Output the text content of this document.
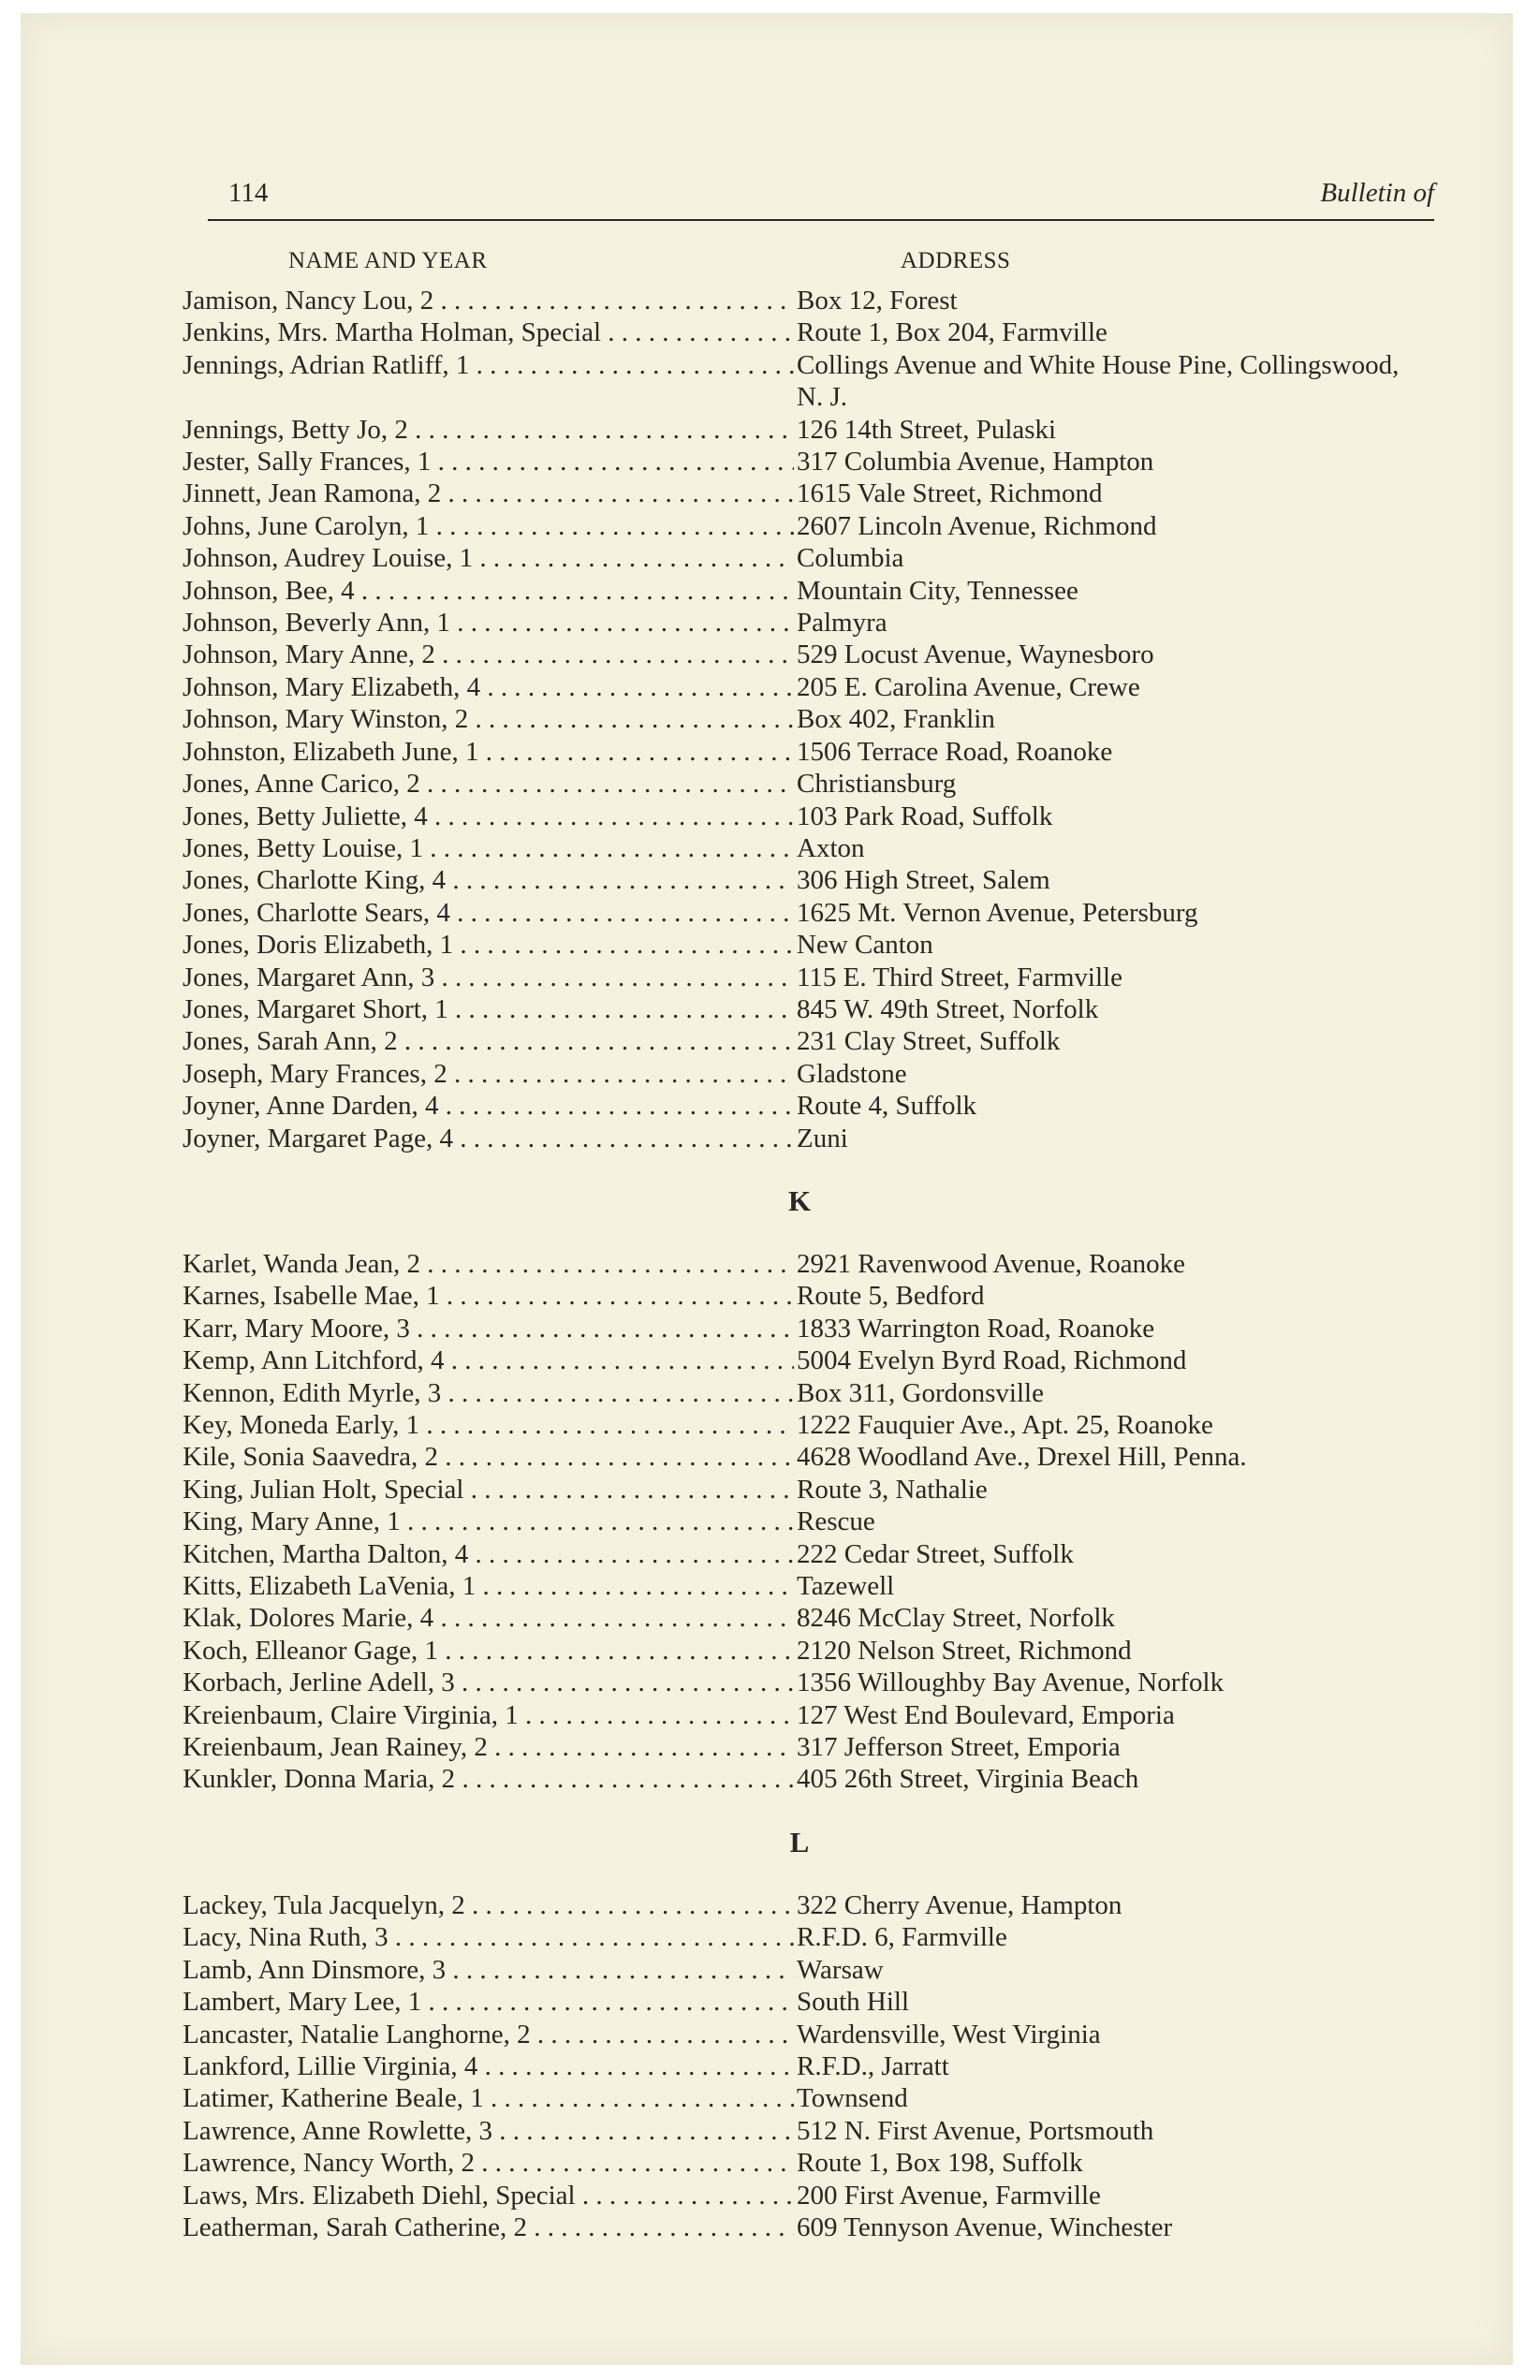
114	Bulletin of
NAME AND YEAR	ADDRESS
Jamison, Nancy Lou, 2 . . .	Box 12, Forest
Jenkins, Mrs. Martha Holman, Special . . .	Route 1, Box 204, Farmville
Jennings, Adrian Ratliff, 1 . . .	Collings Avenue and White House Pine, Collingswood, N. J.
Jennings, Betty Jo, 2 . . .	126 14th Street, Pulaski
Jester, Sally Frances, 1 . . .	317 Columbia Avenue, Hampton
Jinnett, Jean Ramona, 2 . . .	1615 Vale Street, Richmond
Johns, June Carolyn, 1 . . .	2607 Lincoln Avenue, Richmond
Johnson, Audrey Louise, 1 . . .	Columbia
Johnson, Bee, 4 . . .	Mountain City, Tennessee
Johnson, Beverly Ann, 1 . . .	Palmyra
Johnson, Mary Anne, 2 . . .	529 Locust Avenue, Waynesboro
Johnson, Mary Elizabeth, 4 . . .	205 E. Carolina Avenue, Crewe
Johnson, Mary Winston, 2 . . .	Box 402, Franklin
Johnston, Elizabeth June, 1 . . .	1506 Terrace Road, Roanoke
Jones, Anne Carico, 2 . . .	Christiansburg
Jones, Betty Juliette, 4 . . .	103 Park Road, Suffolk
Jones, Betty Louise, 1 . . .	Axton
Jones, Charlotte King, 4 . . .	306 High Street, Salem
Jones, Charlotte Sears, 4 . . .	1625 Mt. Vernon Avenue, Petersburg
Jones, Doris Elizabeth, 1 . . .	New Canton
Jones, Margaret Ann, 3 . . .	115 E. Third Street, Farmville
Jones, Margaret Short, 1 . . .	845 W. 49th Street, Norfolk
Jones, Sarah Ann, 2 . . .	231 Clay Street, Suffolk
Joseph, Mary Frances, 2 . . .	Gladstone
Joyner, Anne Darden, 4 . . .	Route 4, Suffolk
Joyner, Margaret Page, 4 . . .	Zuni
K
Karlet, Wanda Jean, 2 . . .	2921 Ravenwood Avenue, Roanoke
Karnes, Isabelle Mae, 1 . . .	Route 5, Bedford
Karr, Mary Moore, 3 . . .	1833 Warrington Road, Roanoke
Kemp, Ann Litchford, 4 . . .	5004 Evelyn Byrd Road, Richmond
Kennon, Edith Myrle, 3 . . .	Box 311, Gordonsville
Key, Moneda Early, 1 . . .	1222 Fauquier Ave., Apt. 25, Roanoke
Kile, Sonia Saavedra, 2 . . .	4628 Woodland Ave., Drexel Hill, Penna.
King, Julian Holt, Special . . .	Route 3, Nathalie
King, Mary Anne, 1 . . .	Rescue
Kitchen, Martha Dalton, 4 . . .	222 Cedar Street, Suffolk
Kitts, Elizabeth LaVenia, 1 . . .	Tazewell
Klak, Dolores Marie, 4 . . .	8246 McClay Street, Norfolk
Koch, Elleanor Gage, 1 . . .	2120 Nelson Street, Richmond
Korbach, Jerline Adell, 3 . . .	1356 Willoughby Bay Avenue, Norfolk
Kreienbaum, Claire Virginia, 1 . . .	127 West End Boulevard, Emporia
Kreienbaum, Jean Rainey, 2 . . .	317 Jefferson Street, Emporia
Kunkler, Donna Maria, 2 . . .	405 26th Street, Virginia Beach
L
Lackey, Tula Jacquelyn, 2 . . .	322 Cherry Avenue, Hampton
Lacy, Nina Ruth, 3 . . .	R.F.D. 6, Farmville
Lamb, Ann Dinsmore, 3 . . .	Warsaw
Lambert, Mary Lee, 1 . . .	South Hill
Lancaster, Natalie Langhorne, 2 . . .	Wardensville, West Virginia
Lankford, Lillie Virginia, 4 . . .	R.F.D., Jarratt
Latimer, Katherine Beale, 1 . . .	Townsend
Lawrence, Anne Rowlette, 3 . . .	512 N. First Avenue, Portsmouth
Lawrence, Nancy Worth, 2 . . .	Route 1, Box 198, Suffolk
Laws, Mrs. Elizabeth Diehl, Special . . .	200 First Avenue, Farmville
Leatherman, Sarah Catherine, 2 . . .	609 Tennyson Avenue, Winchester
